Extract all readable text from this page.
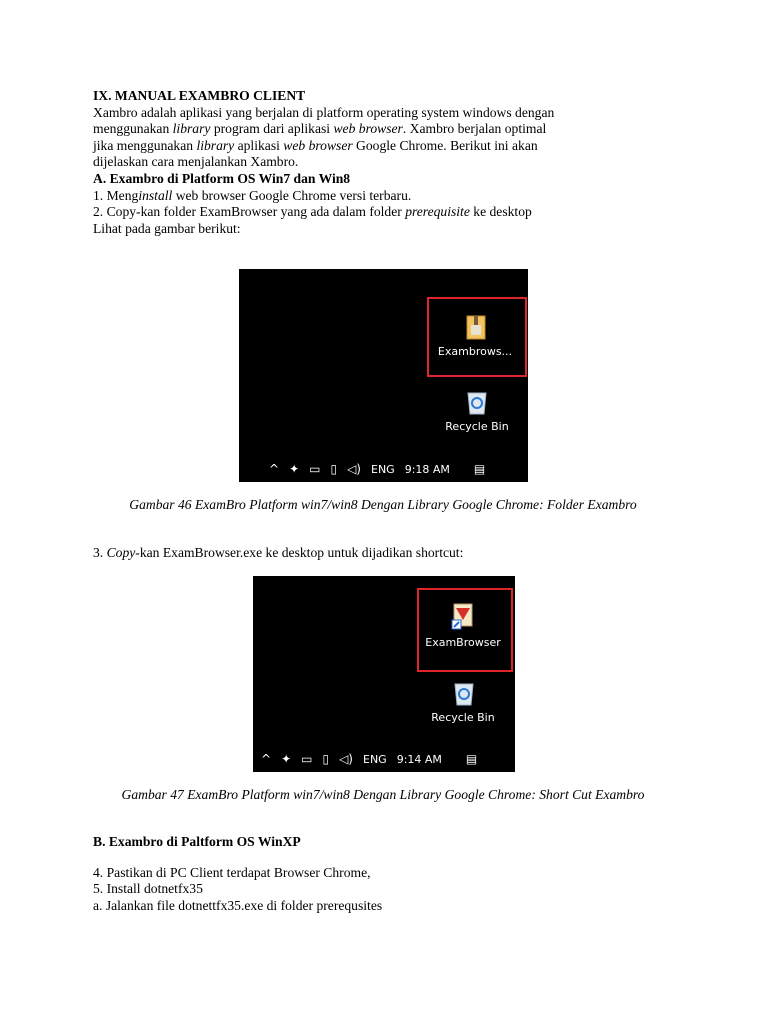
IX. MANUAL EXAMBRO CLIENT

Xambro adalah aplikasi yang berjalan di platform operating system windows dengan menggunakan library program dari aplikasi web browser. Xambro berjalan optimal jika menggunakan library aplikasi web browser Google Chrome. Berikut ini akan dijelaskan cara menjalankan Xambro.

A. Exambro di Platform OS Win7 dan Win8

1. Menginstall web browser Google Chrome versi terbaru.

2. Copy-kan folder ExamBrowser yang ada dalam folder prerequisite ke desktop Lihat pada gambar berikut:

Exambrows...
Recycle Bin
^ ✦ ▭ ▯ ◁) ENG 9:18 AM ▤
Gambar 46 ExamBro Platform win7/win8 Dengan Library Google Chrome: Folder Exambro

3. Copy-kan ExamBrowser.exe ke desktop untuk dijadikan shortcut:

ExamBrowser
Recycle Bin
^ ✦ ▭ ▯ ◁) ENG 9:14 AM ▤
Gambar 47 ExamBro Platform win7/win8 Dengan Library Google Chrome: Short Cut Exambro
B. Exambro di Paltform OS WinXP

4. Pastikan di PC Client terdapat Browser Chrome,

5. Install dotnetfx35

a. Jalankan file dotnettfx35.exe di folder prerequsites
